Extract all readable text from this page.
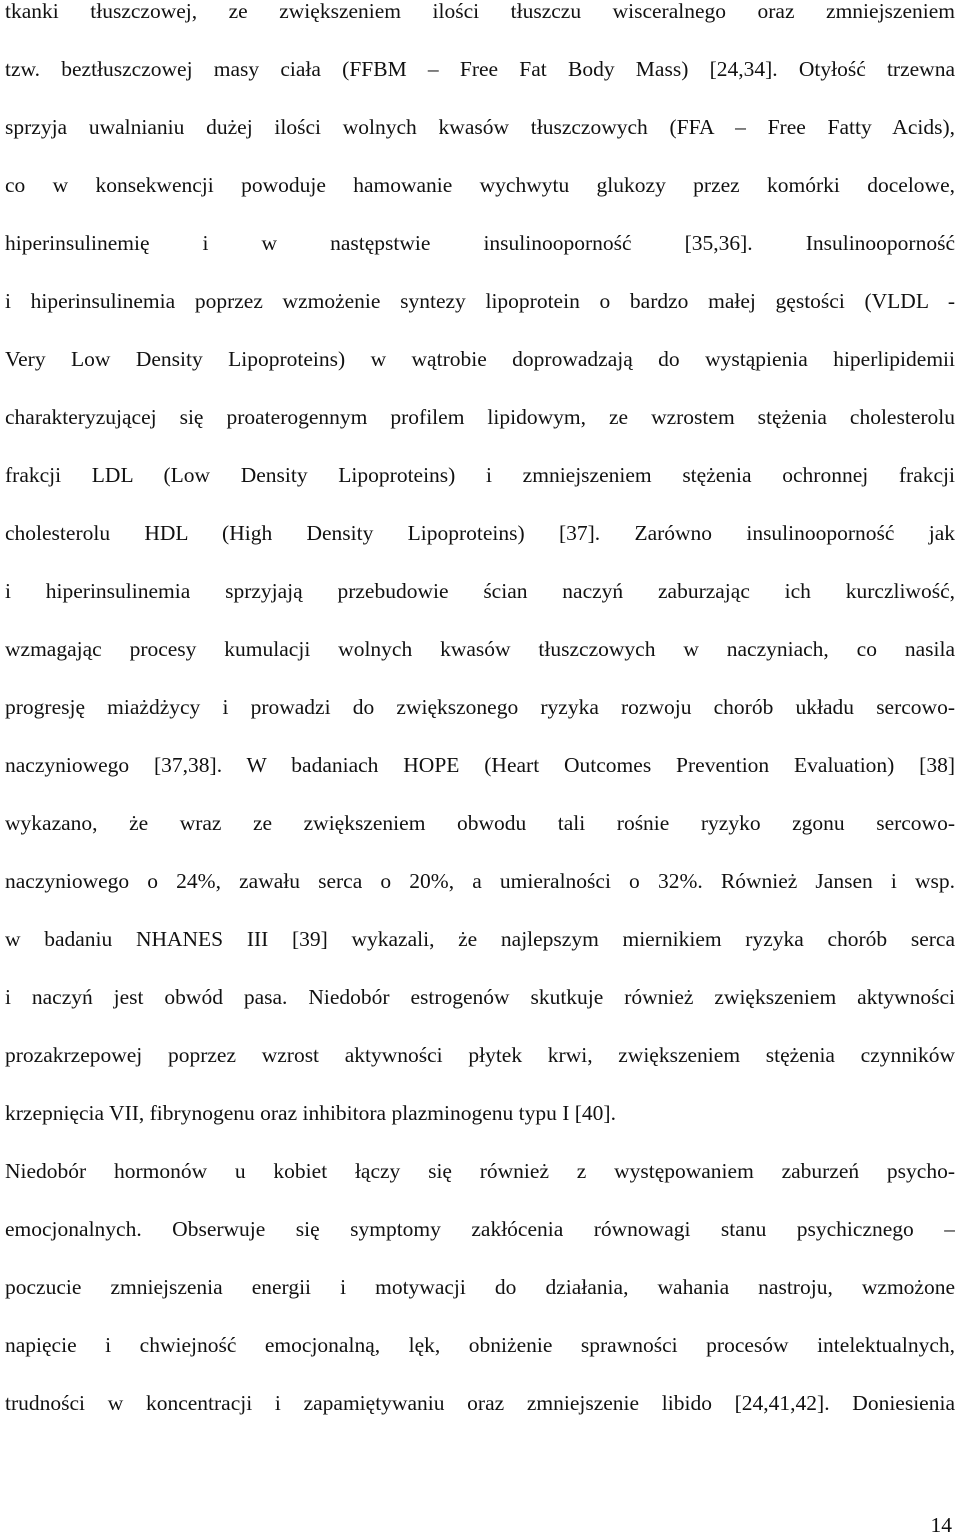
tkanki tłuszczowej, ze zwiększeniem ilości tłuszczu wisceralnego oraz zmniejszeniem
tzw. beztłuszczowej masy ciała (FFBM – Free Fat Body Mass) [24,34]. Otyłość trzewna
sprzyja uwalnianiu dużej ilości wolnych kwasów tłuszczowych (FFA – Free Fatty Acids),
co w konsekwencji powoduje hamowanie wychwytu glukozy przez komórki docelowe,
hiperinsulinemię i w następstwie insulinooporność [35,36]. Insulinooporność
i hiperinsulinemia poprzez wzmożenie syntezy lipoprotein o bardzo małej gęstości (VLDL -
Very Low Density Lipoproteins) w wątrobie doprowadzają do wystąpienia hiperlipidemii
charakteryzującej się proaterogennym profilem lipidowym, ze wzrostem stężenia cholesterolu
frakcji LDL (Low Density Lipoproteins) i zmniejszeniem stężenia ochronnej frakcji
cholesterolu HDL (High Density Lipoproteins) [37]. Zarówno insulinooporność jak
i hiperinsulinemia sprzyjają przebudowie ścian naczyń zaburzając ich kurczliwość,
wzmagając procesy kumulacji wolnych kwasów tłuszczowych w naczyniach, co nasila
progresję miażdżycy i prowadzi do zwiększonego ryzyka rozwoju chorób układu sercowo-
naczyniowego [37,38]. W badaniach HOPE (Heart Outcomes Prevention Evaluation) [38]
wykazano, że wraz ze zwiększeniem obwodu tali rośnie ryzyko zgonu sercowo-
naczyniowego o 24%, zawału serca o 20%, a umieralności o 32%. Również Jansen i wsp.
w badaniu NHANES III [39] wykazali, że najlepszym miernikiem ryzyka chorób serca
i naczyń jest obwód pasa. Niedobór estrogenów skutkuje również zwiększeniem aktywności
prozakrzepowej poprzez wzrost aktywności płytek krwi, zwiększeniem stężenia czynników
krzepnięcia VII, fibrynogenu oraz inhibitora plazminogenu typu I [40].
Niedobór hormonów u kobiet łączy się również z występowaniem zaburzeń psycho-
emocjonalnych. Obserwuje się symptomy zakłócenia równowagi stanu psychicznego –
poczucie zmniejszenia energii i motywacji do działania, wahania nastroju, wzmożone
napięcie i chwiejność emocjonalną, lęk, obniżenie sprawności procesów intelektualnych,
trudności w koncentracji i zapamiętywaniu oraz zmniejszenie libido [24,41,42]. Doniesienia
14
